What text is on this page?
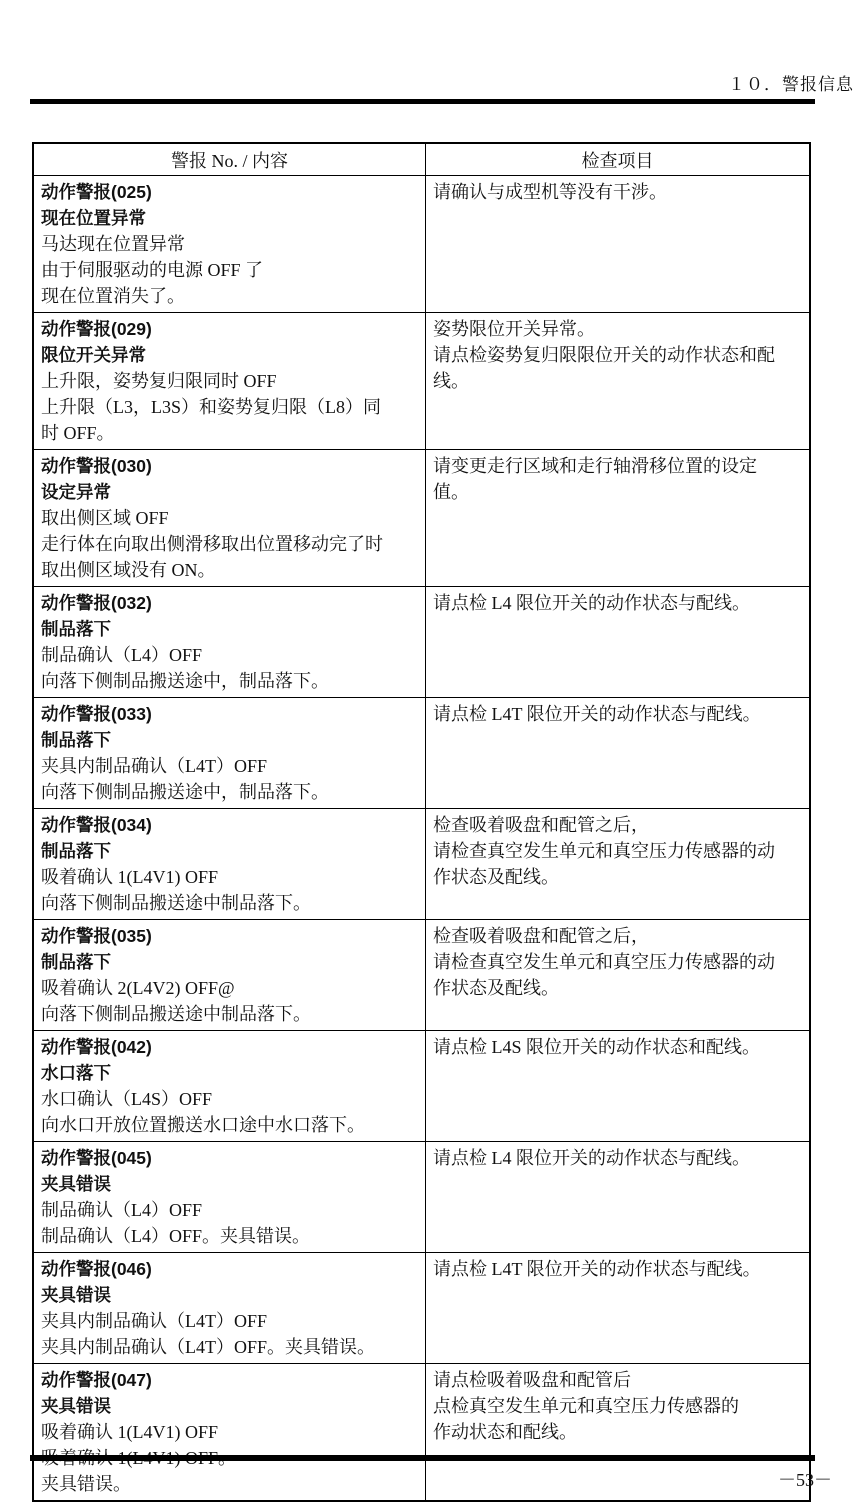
１０．警报信息
警报 No. / 内容	检查项目
动作警报(025)
现在位置异常
马达现在位置异常
由于伺服驱动的电源 OFF 了
现在位置消失了。
请确认与成型机等没有干涉。
动作警报(029)
限位开关异常
上升限，姿势复归限同时 OFF
上升限（L3，L3S）和姿势复归限（L8）同
时 OFF。
姿势限位开关异常。
请点检姿势复归限限位开关的动作状态和配
线。
动作警报(030)
设定异常
取出侧区域 OFF
走行体在向取出侧滑移取出位置移动完了时
取出侧区域没有 ON。
请变更走行区域和走行轴滑移位置的设定
值。
动作警报(032)
制品落下
制品确认（L4）OFF
向落下侧制品搬送途中，制品落下。
请点检 L4 限位开关的动作状态与配线。
动作警报(033)
制品落下
夹具内制品确认（L4T）OFF
向落下侧制品搬送途中，制品落下。
请点检 L4T 限位开关的动作状态与配线。
动作警报(034)
制品落下
吸着确认 1(L4V1) OFF
向落下侧制品搬送途中制品落下。
检查吸着吸盘和配管之后，
请检查真空发生单元和真空压力传感器的动
作状态及配线。
动作警报(035)
制品落下
吸着确认 2(L4V2) OFF@
向落下侧制品搬送途中制品落下。
检查吸着吸盘和配管之后，
请检查真空发生单元和真空压力传感器的动
作状态及配线。
动作警报(042)
水口落下
水口确认（L4S）OFF
向水口开放位置搬送水口途中水口落下。
请点检 L4S 限位开关的动作状态和配线。
动作警报(045)
夹具错误
制品确认（L4）OFF
制品确认（L4）OFF。夹具错误。
请点检 L4 限位开关的动作状态与配线。
动作警报(046)
夹具错误
夹具内制品确认（L4T）OFF
夹具内制品确认（L4T）OFF。夹具错误。
请点检 L4T 限位开关的动作状态与配线。
动作警报(047)
夹具错误
吸着确认 1(L4V1) OFF
夹具错误。
请点检吸着吸盘和配管后
点检真空发生单元和真空压力传感器的
作动状态和配线。
－53－
